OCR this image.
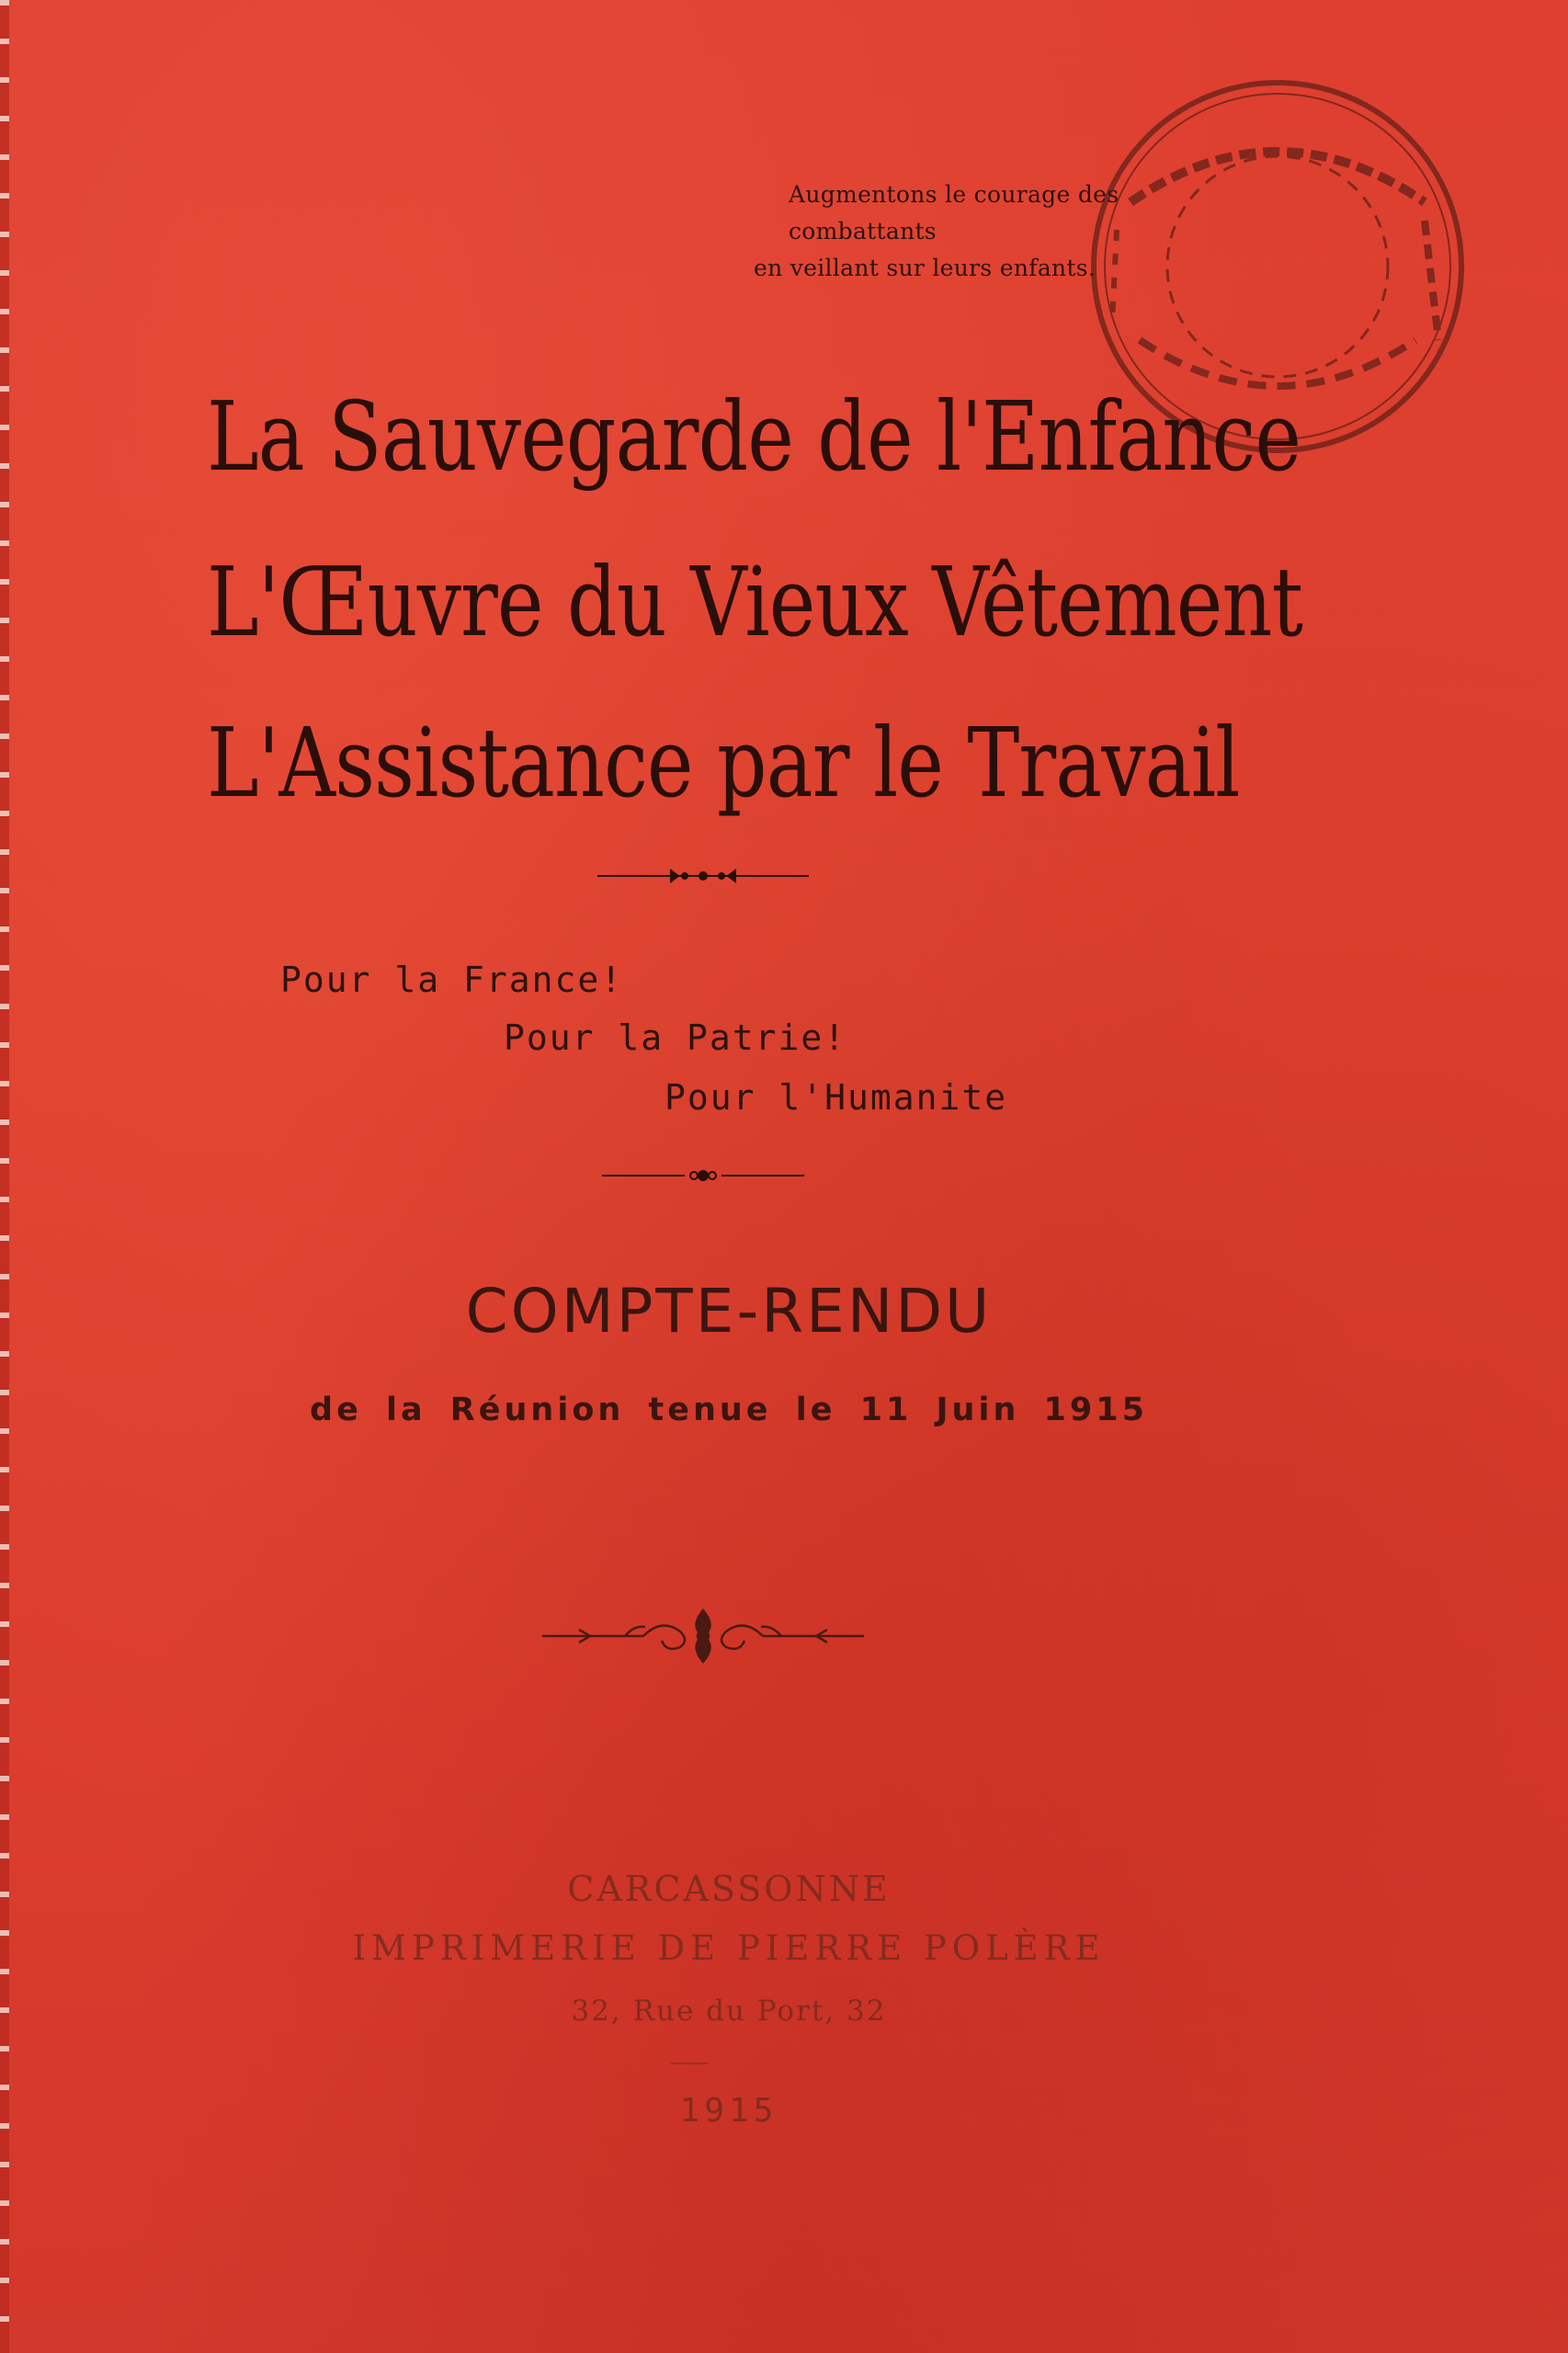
Augmentons le courage des combattants
en veillant sur leurs enfants.
La Sauvegarde de l'Enfance
L'Œuvre du Vieux Vêtement
L'Assistance par le Travail
Pour la France!
Pour la Patrie!
Pour l'Humanite
COMPTE-RENDU
de la Réunion tenue le 11 Juin 1915
CARCASSONNE
IMPRIMERIE DE PIERRE POLÈRE
32, Rue du Port, 32
1915
